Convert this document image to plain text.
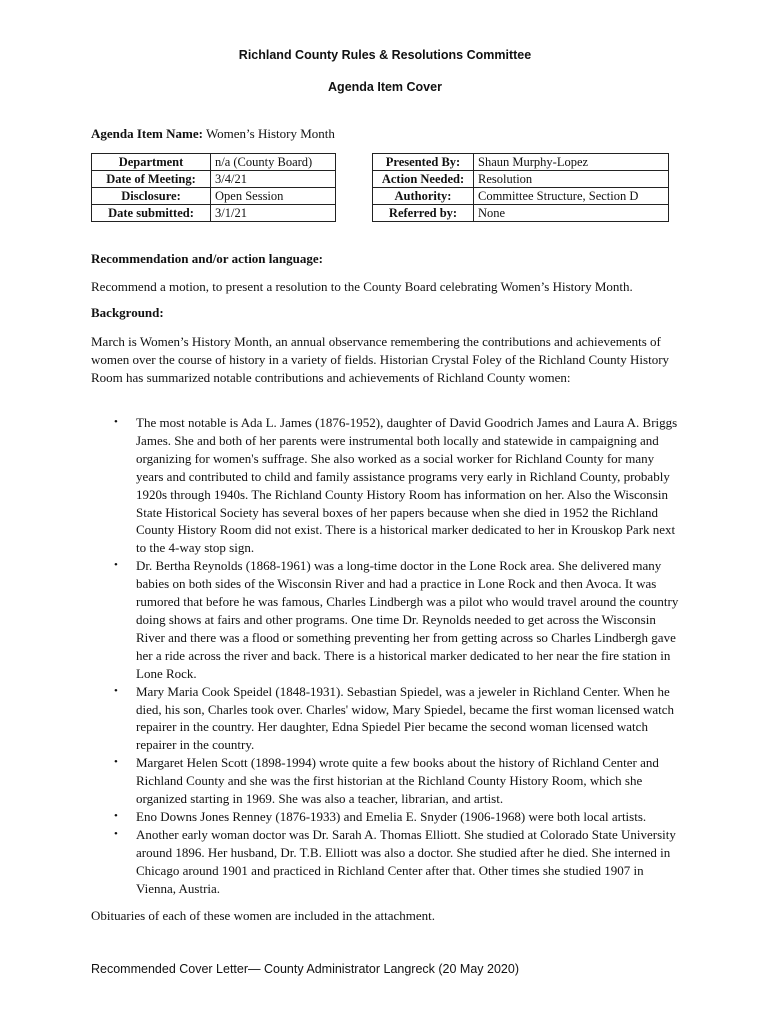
Richland County Rules & Resolutions Committee
Agenda Item Cover
Agenda Item Name: Women’s History Month
Department	n/a (County Board)		Presented By:	Shaun Murphy-Lopez
Date of Meeting:	3/4/21		Action Needed:	Resolution
Disclosure:	Open Session		Authority:	Committee Structure, Section D
Date submitted:	3/1/21		Referred by:	None
Recommendation and/or action language:
Recommend a motion, to present a resolution to the County Board celebrating Women’s History Month.
Background:
March is Women’s History Month, an annual observance remembering the contributions and achievements of women over the course of history in a variety of fields. Historian Crystal Foley of the Richland County History Room has summarized notable contributions and achievements of Richland County women:
•	The most notable is Ada L. James (1876-1952), daughter of David Goodrich James and Laura A. Briggs James. She and both of her parents were instrumental both locally and statewide in campaigning and organizing for women's suffrage. She also worked as a social worker for Richland County for many years and contributed to child and family assistance programs very early in Richland County, probably 1920s through 1940s. The Richland County History Room has information on her. Also the Wisconsin State Historical Society has several boxes of her papers because when she died in 1952 the Richland County History Room did not exist. There is a historical marker dedicated to her in Krouskop Park next to the 4-way stop sign.
•	Dr. Bertha Reynolds (1868-1961) was a long-time doctor in the Lone Rock area. She delivered many babies on both sides of the Wisconsin River and had a practice in Lone Rock and then Avoca. It was rumored that before he was famous, Charles Lindbergh was a pilot who would travel around the country doing shows at fairs and other programs. One time Dr. Reynolds needed to get across the Wisconsin River and there was a flood or something preventing her from getting across so Charles Lindbergh gave her a ride across the river and back. There is a historical marker dedicated to her near the fire station in Lone Rock.
•	Mary Maria Cook Speidel (1848-1931). Sebastian Spiedel, was a jeweler in Richland Center. When he died, his son, Charles took over. Charles' widow, Mary Spiedel, became the first woman licensed watch repairer in the country. Her daughter, Edna Spiedel Pier became the second woman licensed watch repairer in the country.
•	Margaret Helen Scott (1898-1994) wrote quite a few books about the history of Richland Center and Richland County and she was the first historian at the Richland County History Room, which she organized starting in 1969. She was also a teacher, librarian, and artist.
•	Eno Downs Jones Renney (1876-1933) and Emelia E. Snyder (1906-1968) were both local artists.
•	Another early woman doctor was Dr. Sarah A. Thomas Elliott. She studied at Colorado State University around 1896. Her husband, Dr. T.B. Elliott was also a doctor. She studied after he died. She interned in Chicago around 1901 and practiced in Richland Center after that. Other times she studied 1907 in Vienna, Austria.
Obituaries of each of these women are included in the attachment.
Recommended Cover Letter— County Administrator Langreck (20 May 2020)
